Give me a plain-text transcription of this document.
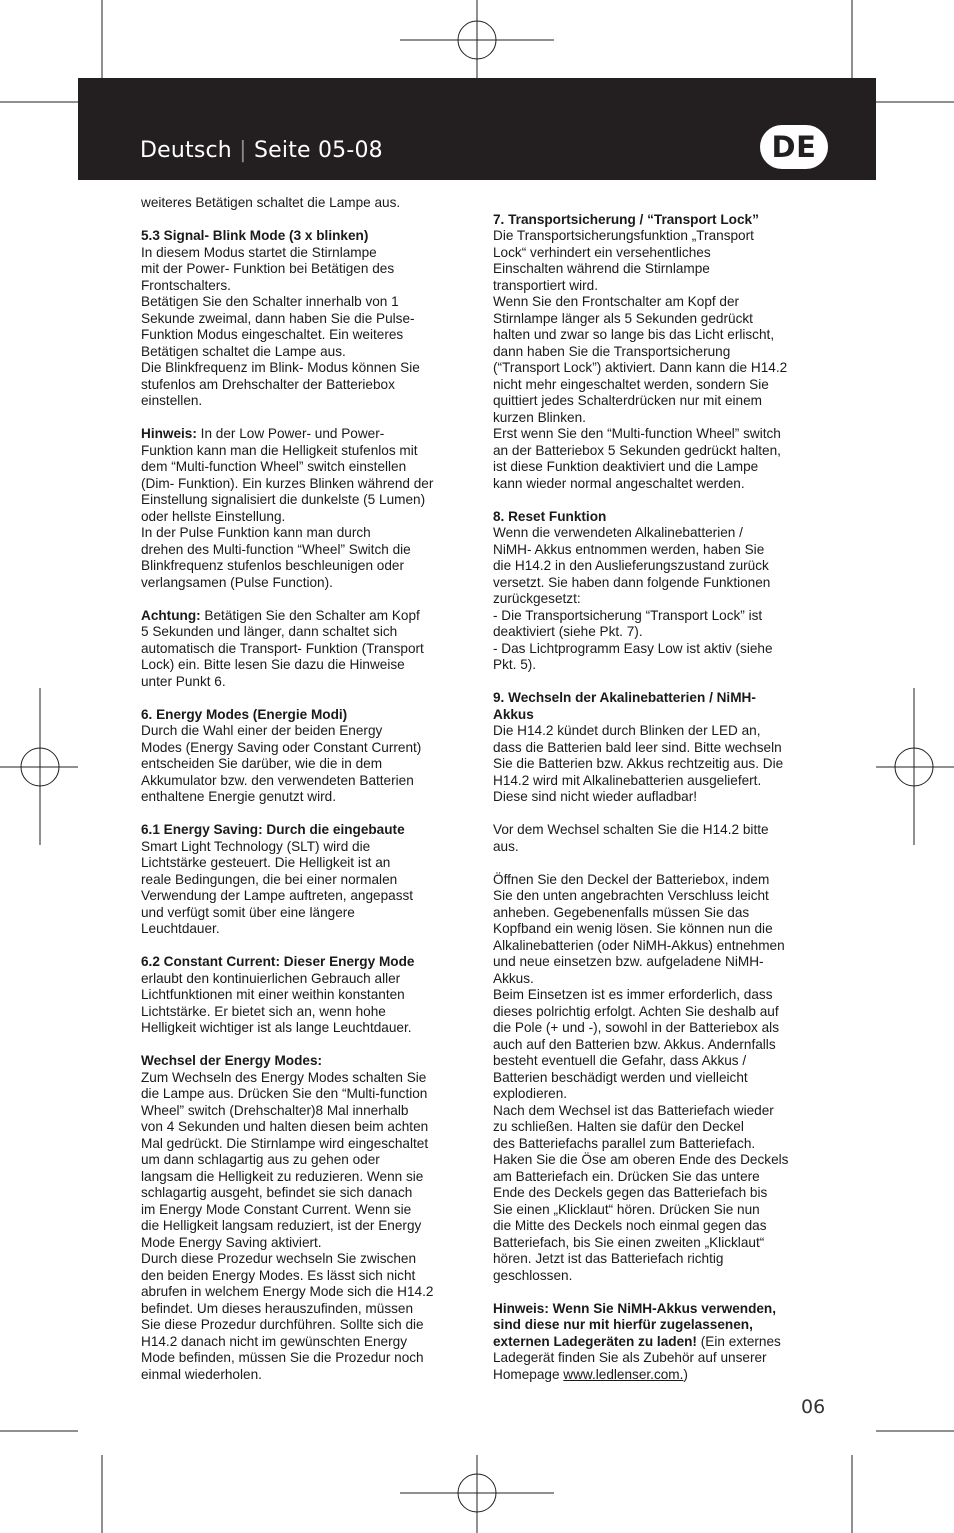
Deutsch | Seite 05-08	DE

weiteres Betätigen schaltet die Lampe aus.

5.3 Signal- Blink Mode (3 x blinken)

In diesem Modus startet die Stirnlampe

mit der Power- Funktion bei Betätigen des

Frontschalters.

Betätigen Sie den Schalter innerhalb von 1

Sekunde zweimal, dann haben Sie die Pulse-

Funktion Modus eingeschaltet. Ein weiteres

Betätigen schaltet die Lampe aus.

Die Blinkfrequenz im Blink- Modus können Sie

stufenlos am Drehschalter der Batteriebox

einstellen.

Hinweis: In der Low Power- und Power-

Funktion kann man die Helligkeit stufenlos mit

dem “Multi-function Wheel” switch einstellen

(Dim- Funktion). Ein kurzes Blinken während der

Einstellung signalisiert die dunkelste (5 Lumen)

oder hellste Einstellung.

In der Pulse Funktion kann man durch

drehen des Multi-function “Wheel” Switch die

Blinkfrequenz stufenlos beschleunigen oder

verlangsamen (Pulse Function).

Achtung: Betätigen Sie den Schalter am Kopf

5 Sekunden und länger, dann schaltet sich

automatisch die Transport- Funktion (Transport

Lock) ein. Bitte lesen Sie dazu die Hinweise

unter Punkt 6.

6. Energy Modes (Energie Modi)

Durch die Wahl einer der beiden Energy

Modes (Energy Saving oder Constant Current)

entscheiden Sie darüber, wie die in dem

Akkumulator bzw. den verwendeten Batterien

enthaltene Energie genutzt wird.

6.1 Energy Saving: Durch die eingebaute

Smart Light Technology (SLT) wird die

Lichtstärke gesteuert. Die Helligkeit ist an

reale Bedingungen, die bei einer normalen

Verwendung der Lampe auftreten, angepasst

und verfügt somit über eine längere

Leuchtdauer.

6.2 Constant Current: Dieser Energy Mode

erlaubt den kontinuierlichen Gebrauch aller

Lichtfunktionen mit einer weithin konstanten

Lichtstärke. Er bietet sich an, wenn hohe

Helligkeit wichtiger ist als lange Leuchtdauer.

Wechsel der Energy Modes:

Zum Wechseln des Energy Modes schalten Sie

die Lampe aus. Drücken Sie den “Multi-function

Wheel” switch (Drehschalter)8 Mal innerhalb

von 4 Sekunden und halten diesen beim achten

Mal gedrückt. Die Stirnlampe wird eingeschaltet

um dann schlagartig aus zu gehen oder

langsam die Helligkeit zu reduzieren. Wenn sie

schlagartig ausgeht, befindet sie sich danach

im Energy Mode Constant Current. Wenn sie

die Helligkeit langsam reduziert, ist der Energy

Mode Energy Saving aktiviert.

Durch diese Prozedur wechseln Sie zwischen

den beiden Energy Modes. Es lässt sich nicht

abrufen in welchem Energy Mode sich die H14.2

befindet. Um dieses herauszufinden, müssen

Sie diese Prozedur durchführen. Sollte sich die

H14.2 danach nicht im gewünschten Energy

Mode befinden, müssen Sie die Prozedur noch

einmal wiederholen.

7. Transportsicherung / “Transport Lock”

Die Transportsicherungsfunktion „Transport

Lock“ verhindert ein versehentliches

Einschalten während die Stirnlampe

transportiert wird.

Wenn Sie den Frontschalter am Kopf der

Stirnlampe länger als 5 Sekunden gedrückt

halten und zwar so lange bis das Licht erlischt,

dann haben Sie die Transportsicherung

(“Transport Lock”) aktiviert. Dann kann die H14.2

nicht mehr eingeschaltet werden, sondern Sie

quittiert jedes Schalterdrücken nur mit einem

kurzen Blinken.

Erst wenn Sie den “Multi-function Wheel” switch

an der Batteriebox 5 Sekunden gedrückt halten,

ist diese Funktion deaktiviert und die Lampe

kann wieder normal angeschaltet werden.

8. Reset Funktion

Wenn die verwendeten Alkalinebatterien /

NiMH- Akkus entnommen werden, haben Sie

die H14.2 in den Auslieferungszustand zurück

versetzt. Sie haben dann folgende Funktionen

zurückgesetzt:

- Die Transportsicherung “Transport Lock” ist

deaktiviert (siehe Pkt. 7).

- Das Lichtprogramm Easy Low ist aktiv (siehe

Pkt. 5).

9. Wechseln der Akalinebatterien / NiMH-

Akkus

Die H14.2 kündet durch Blinken der LED an,

dass die Batterien bald leer sind. Bitte wechseln

Sie die Batterien bzw. Akkus rechtzeitig aus. Die

H14.2 wird mit Alkalinebatterien ausgeliefert.

Diese sind nicht wieder aufladbar!

Vor dem Wechsel schalten Sie die H14.2 bitte

aus.

Öffnen Sie den Deckel der Batteriebox, indem

Sie den unten angebrachten Verschluss leicht

anheben. Gegebenenfalls müssen Sie das

Kopfband ein wenig lösen. Sie können nun die

Alkalinebatterien (oder NiMH-Akkus) entnehmen

und neue einsetzen bzw. aufgeladene NiMH-

Akkus.

Beim Einsetzen ist es immer erforderlich, dass

dieses polrichtig erfolgt. Achten Sie deshalb auf

die Pole (+ und -), sowohl in der Batteriebox als

auch auf den Batterien bzw. Akkus. Andernfalls

besteht eventuell die Gefahr, dass Akkus /

Batterien beschädigt werden und vielleicht

explodieren.

Nach dem Wechsel ist das Batteriefach wieder

zu schließen. Halten sie dafür den Deckel

des Batteriefachs parallel zum Batteriefach.

Haken Sie die Öse am oberen Ende des Deckels

am Batteriefach ein. Drücken Sie das untere

Ende des Deckels gegen das Batteriefach bis

Sie einen „Klicklaut“ hören. Drücken Sie nun

die Mitte des Deckels noch einmal gegen das

Batteriefach, bis Sie einen zweiten „Klicklaut“

hören. Jetzt ist das Batteriefach richtig

geschlossen.

Hinweis: Wenn Sie NiMH-Akkus verwenden,

sind diese nur mit hierfür zugelassenen,

externen Ladegeräten zu laden! (Ein externes

Ladegerät finden Sie als Zubehör auf unserer

Homepage www.ledlenser.com.)

06
